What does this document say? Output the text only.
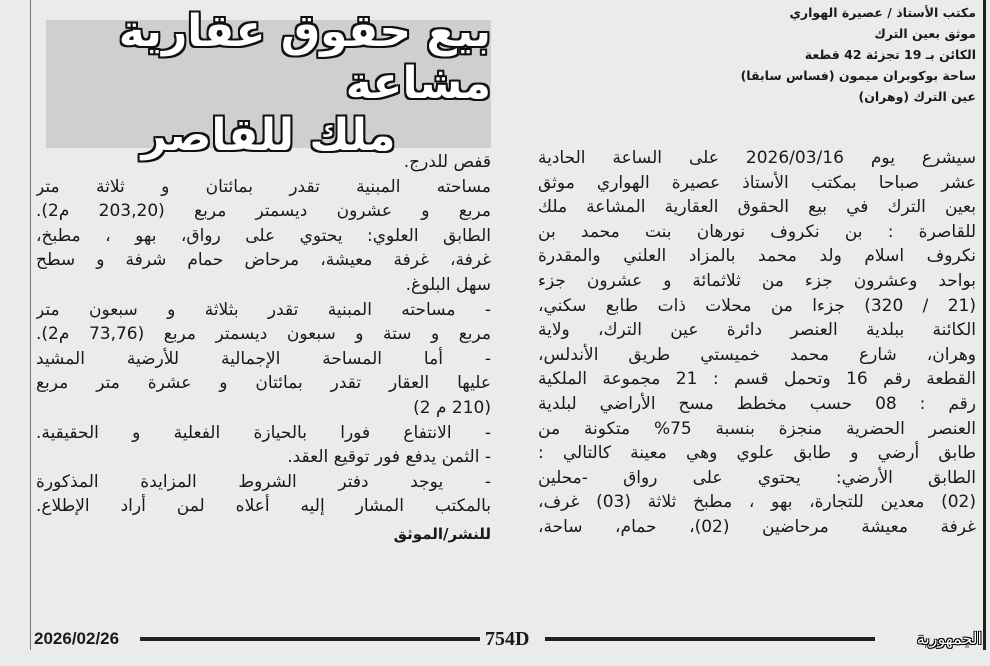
مكتب الأستاذ / عصيرة الهواري
موثق بعين الترك
الكائن بـ 19 تجزئة 42 قطعة
ساحة بوكوبران ميمون (فساس سابقا)
عين الترك (وهران)
بيع حقوق عقارية مشاعة
ملك للقاصر	سيشرع يوم 2026/03/16 على الساعة الحادية
عشر صباحا بمكتب الأستاذ عصيرة الهواري موثق
بعين الترك في بيع الحقوق العقارية المشاعة ملك
للقاصرة : بن نكروف نورهان بنت محمد بن
نكروف اسلام ولد محمد بالمزاد العلني والمقدرة
بواحد وعشرون جزء من ثلاثمائة و عشرون جزء
(21 / 320) جزءا من محلات ذات طابع سكني،
الكائنة ببلدية العنصر دائرة عين الترك، ولاية
وهران، شارع محمد خميستي طريق الأندلس،
القطعة رقم 16 وتحمل قسم : 21 مجموعة الملكية
رقم : 08 حسب مخطط مسح الأراضي لبلدية
العنصر الحضرية منجزة بنسبة 75% متكونة من
طابق أرضي و طابق علوي وهي معينة كالتالي :
الطابق الأرضي: يحتوي على رواق -محلين
(02) معدين للتجارة، بهو ، مطبخ ثلاثة (03) غرف،
غرفة معيشة مرحاضين (02)، حمام، ساحة،
قفص للدرج.
مساحته المبنية تقدر بمائتان و ثلاثة متر
مربع و عشرون ديسمتر مربع (203,20 م2).
الطابق العلوي: يحتوي على رواق، بهو ، مطبخ،
غرفة، غرفة معيشة، مرحاض حمام شرفة و سطح
سهل البلوغ.
- مساحته المبنية تقدر بثلاثة و سبعون متر
مربع و ستة و سبعون ديسمتر مربع (73,76 م2).
- أما المساحة الإجمالية للأرضية المشيد
عليها العقار تقدر بمائتان و عشرة متر مربع
(210 م 2)
- الانتفاع فورا بالحيازة الفعلية و الحقيقية.
- الثمن يدفع فور توقيع العقد.
- يوجد دفتر الشروط المزايدة المذكورة
بالمكتب المشار إليه أعلاه لمن أراد الإطلاع.
للنشر/الموثق
2026/02/26	754D	الجمهورية
